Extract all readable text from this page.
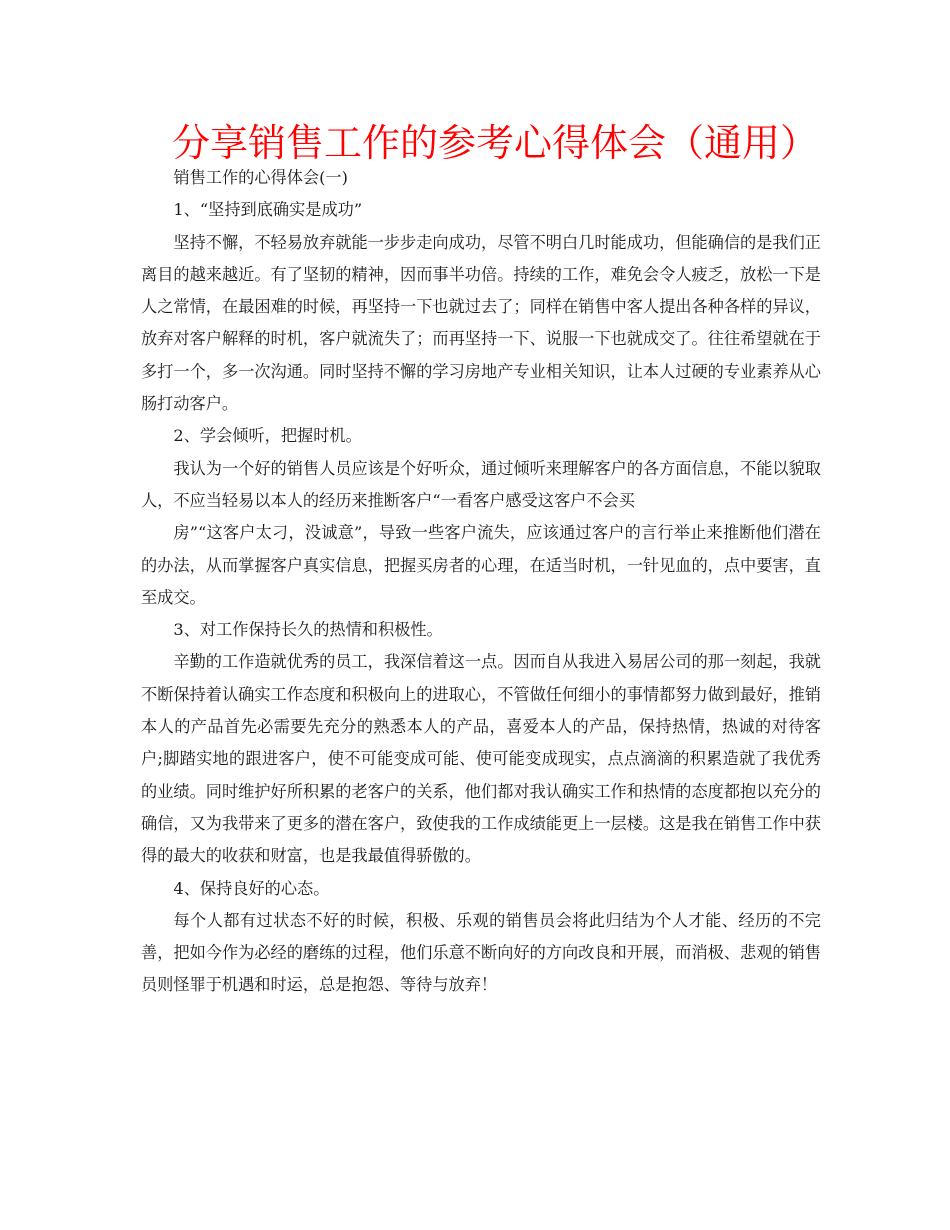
分享销售工作的参考心得体会（通用）

销售工作的心得体会(一)

1、“坚持到底确实是成功”

坚持不懈，不轻易放弃就能一步步走向成功，尽管不明白几时能成功，但能确信的是我们正离目的越来越近。有了坚韧的精神，因而事半功倍。持续的工作，难免会令人疲乏，放松一下是人之常情，在最困难的时候，再坚持一下也就过去了；同样在销售中客人提出各种各样的异议，放弃对客户解释的时机，客户就流失了；而再坚持一下、说服一下也就成交了。往往希望就在于多打一个，多一次沟通。同时坚持不懈的学习房地产专业相关知识，让本人过硬的专业素养从心肠打动客户。

2、学会倾听，把握时机。

我认为一个好的销售人员应该是个好听众，通过倾听来理解客户的各方面信息，不能以貌取人，不应当轻易以本人的经历来推断客户“一看客户感受这客户不会买

房”“这客户太刁，没诚意”，导致一些客户流失，应该通过客户的言行举止来推断他们潜在的办法，从而掌握客户真实信息，把握买房者的心理，在适当时机，一针见血的，点中要害，直至成交。

3、对工作保持长久的热情和积极性。

辛勤的工作造就优秀的员工，我深信着这一点。因而自从我进入易居公司的那一刻起，我就不断保持着认确实工作态度和积极向上的进取心，不管做任何细小的事情都努力做到最好，推销本人的产品首先必需要先充分的熟悉本人的产品，喜爱本人的产品，保持热情，热诚的对待客户;脚踏实地的跟进客户，使不可能变成可能、使可能变成现实，点点滴滴的积累造就了我优秀的业绩。同时维护好所积累的老客户的关系，他们都对我认确实工作和热情的态度都抱以充分的确信，又为我带来了更多的潜在客户，致使我的工作成绩能更上一层楼。这是我在销售工作中获得的最大的收获和财富，也是我最值得骄傲的。

4、保持良好的心态。

每个人都有过状态不好的时候，积极、乐观的销售员会将此归结为个人才能、经历的不完善，把如今作为必经的磨练的过程，他们乐意不断向好的方向改良和开展，而消极、悲观的销售员则怪罪于机遇和时运，总是抱怨、等待与放弃！
